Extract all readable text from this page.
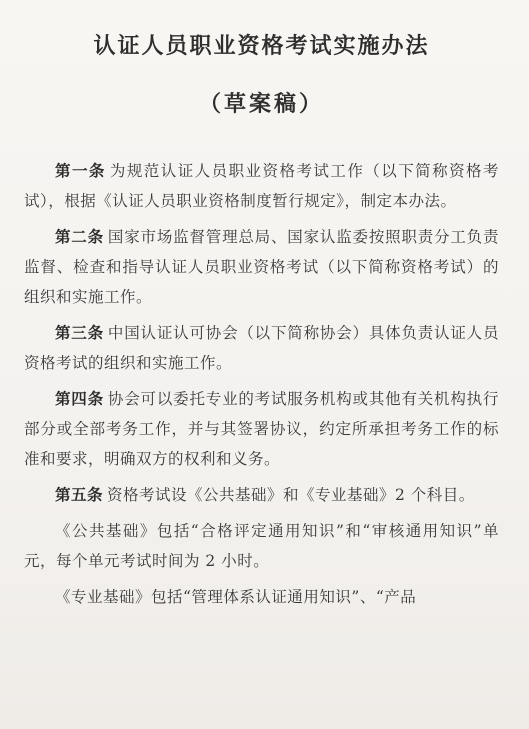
认证人员职业资格考试实施办法
（草案稿）

第一条 为规范认证人员职业资格考试工作（以下简称资格考试），根据《认证人员职业资格制度暂行规定》，制定本办法。

第二条 国家市场监督管理总局、国家认监委按照职责分工负责监督、检查和指导认证人员职业资格考试（以下简称资格考试）的组织和实施工作。

第三条 中国认证认可协会（以下简称协会）具体负责认证人员资格考试的组织和实施工作。

第四条 协会可以委托专业的考试服务机构或其他有关机构执行部分或全部考务工作，并与其签署协议，约定所承担考务工作的标准和要求，明确双方的权利和义务。

第五条 资格考试设《公共基础》和《专业基础》2 个科目。

《公共基础》包括“合格评定通用知识”和“审核通用知识”单元，每个单元考试时间为 2 小时。

《专业基础》包括“管理体系认证通用知识”、“产品
